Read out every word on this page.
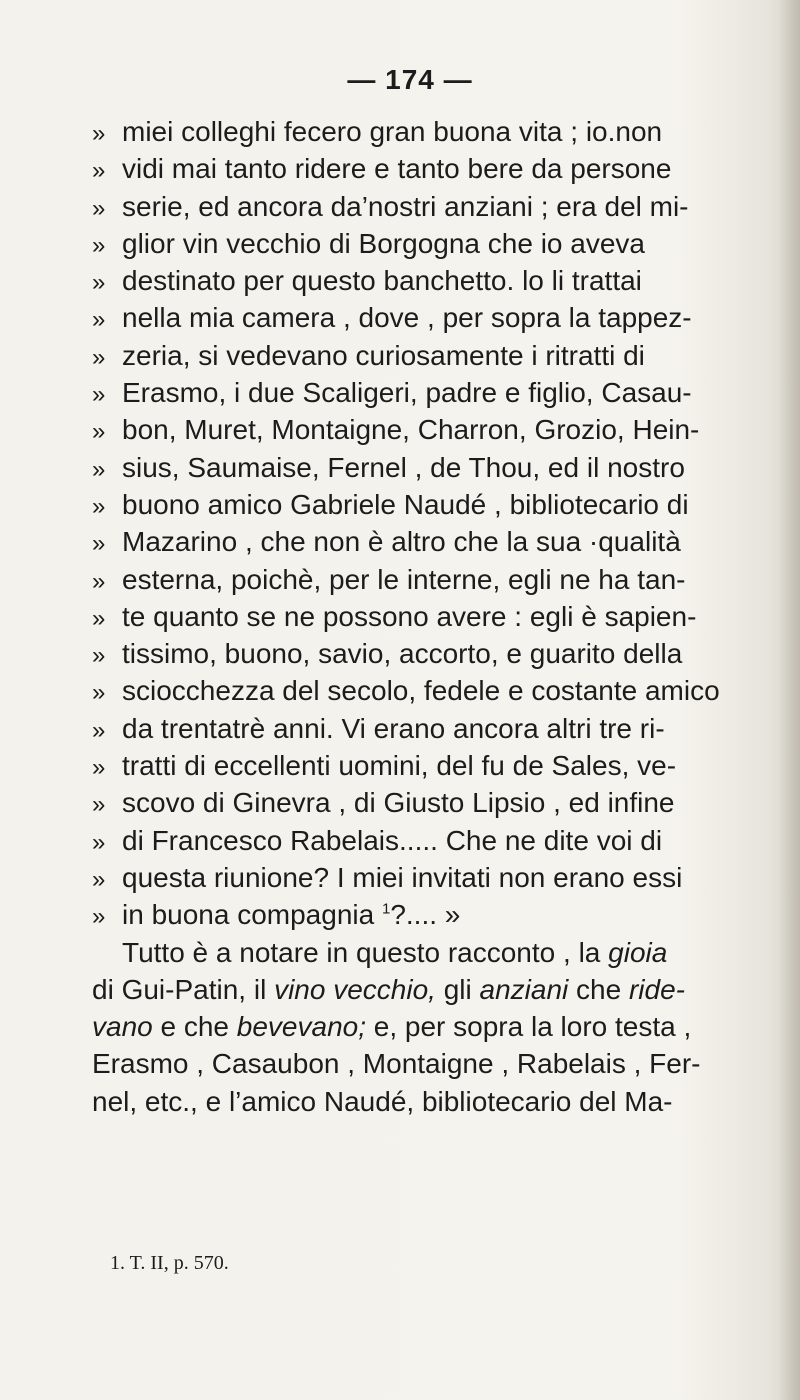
— 174 —
» miei colleghi fecero gran buona vita ; io.non
» vidi mai tanto ridere e tanto bere da persone
» serie, ed ancora da’nostri anziani ; era del mi-
» glior vin vecchio di Borgogna che io aveva
» destinato per questo banchetto. lo li trattai
» nella mia camera , dove , per sopra la tappez-
» zeria, si vedevano curiosamente i ritratti di
» Erasmo, i due Scaligeri, padre e figlio, Casau-
» bon, Muret, Montaigne, Charron, Grozio, Hein-
» sius, Saumaise, Fernel , de Thou, ed il nostro
» buono amico Gabriele Naudé , bibliotecario di
» Mazarino , che non è altro che la sua ·qualità
» esterna, poichè, per le interne, egli ne ha tan-
» te quanto se ne possono avere : egli è sapien-
» tissimo, buono, savio, accorto, e guarito della
» sciocchezza del secolo, fedele e costante amico
» da trentatrè anni. Vi erano ancora altri tre ri-
» tratti di eccellenti uomini, del fu de Sales, ve-
» scovo di Ginevra , di Giusto Lipsio , ed infine
» di Francesco Rabelais..... Che ne dite voi di
» questa riunione? I miei invitati non erano essi
» in buona compagnia $^1$?.... »
Tutto è a notare in questo racconto , la gioia
di Gui-Patin, il vino vecchio, gli anziani che ride-
vano e che bevevano; e, per sopra la loro testa ,
Erasmo , Casaubon , Montaigne , Rabelais , Fer-
nel, etc., e l’amico Naudé, bibliotecario del Ma-
1. T. II, p. 570.
